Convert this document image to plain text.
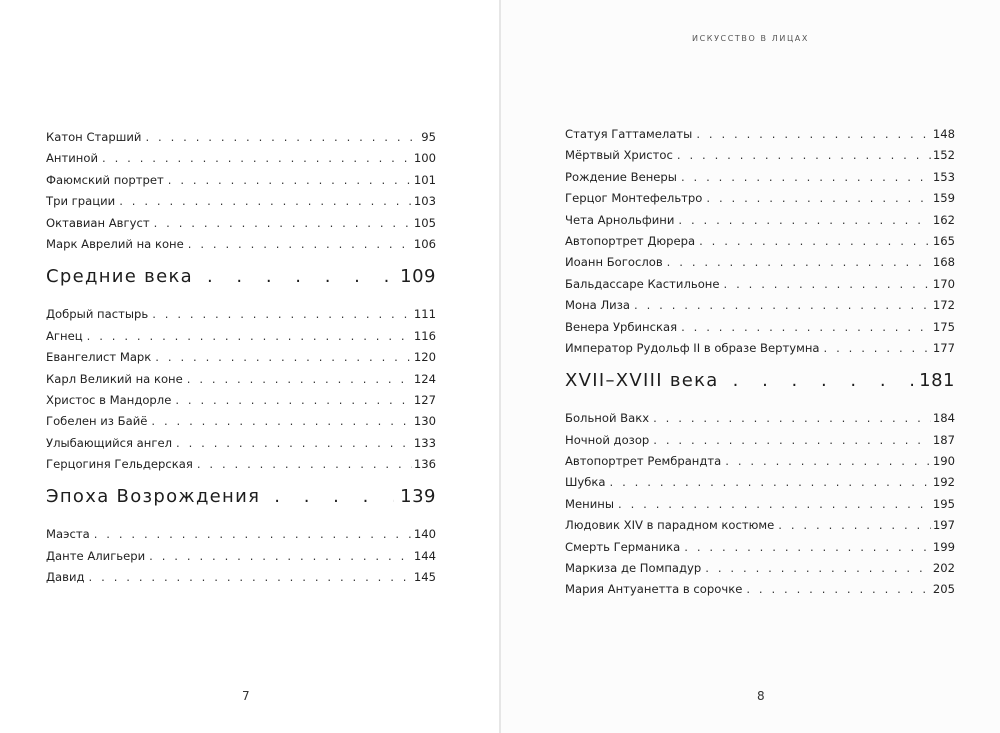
Катон Старший . . .	95
Антиной . . .	100
Фаюмский портрет . . .	101
Три грации . . .	103
Октавиан Август . . .	105
Марк Аврелий на коне . . .	106
Средние века . . .	109
Добрый пастырь . . .	111
Агнец . . .	116
Евангелист Марк . . .	120
Карл Великий на коне . . .	124
Христос в Мандорле . . .	127
Гобелен из Байё . . .	130
Улыбающийся ангел . . .	133
Герцогиня Гельдерская . . .	136
Эпоха Возрождения . . .	139
Маэста . . .	140
Данте Алигьери . . .	144
Давид . . .	145
7
ИСКУССТВО В ЛИЦАХ
Статуя Гаттамелаты . . .	148
Мёртвый Христос . . .	152
Рождение Венеры . . .	153
Герцог Монтефельтро . . .	159
Чета Арнольфини . . .	162
Автопортрет Дюрера . . .	165
Иоанн Богослов . . .	168
Бальдассаре Кастильоне . . .	170
Мона Лиза . . .	172
Венера Урбинская . . .	175
Император Рудольф II в образе Вертумна . . .	177
XVII–XVIII века . . .	181
Больной Вакх . . .	184
Ночной дозор . . .	187
Автопортрет Рембрандта . . .	190
Шубка . . .	192
Менины . . .	195
Людовик XIV в парадном костюме . . .	197
Смерть Германика . . .	199
Маркиза де Помпадур . . .	202
Мария Антуанетта в сорочке . . .	205
8
